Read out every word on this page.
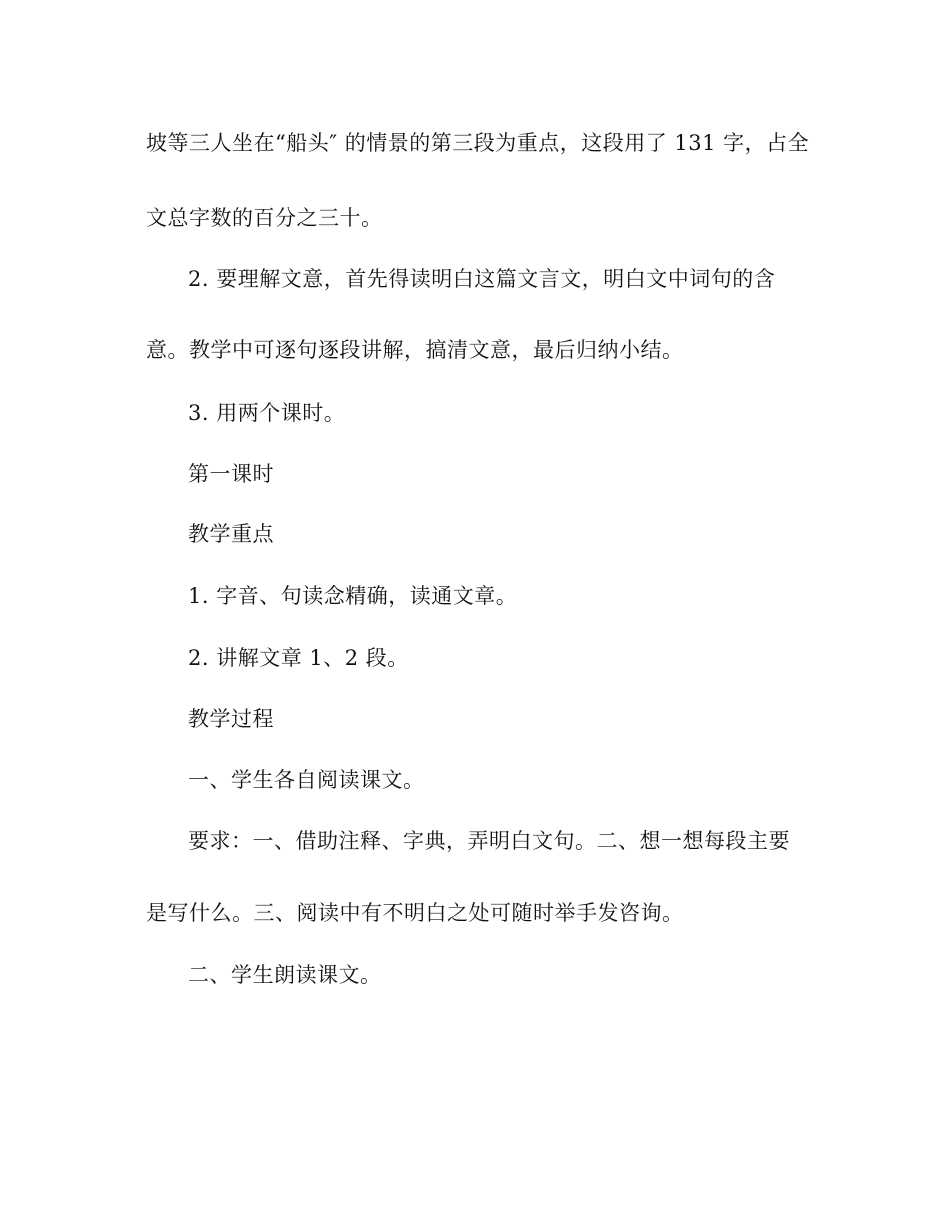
坡等三人坐在“船头″ 的情景的第三段为重点，这段用了 131 字，占全
文总字数的百分之三十。
2. 要理解文意，首先得读明白这篇文言文，明白文中词句的含
意。教学中可逐句逐段讲解，搞清文意，最后归纳小结。
3. 用两个课时。
第一课时
教学重点
1. 字音、句读念精确，读通文章。
2. 讲解文章 1、2 段。
教学过程
一、学生各自阅读课文。
要求：一、借助注释、字典，弄明白文句。二、想一想每段主要
是写什么。三、阅读中有不明白之处可随时举手发咨询。
二、学生朗读课文。
